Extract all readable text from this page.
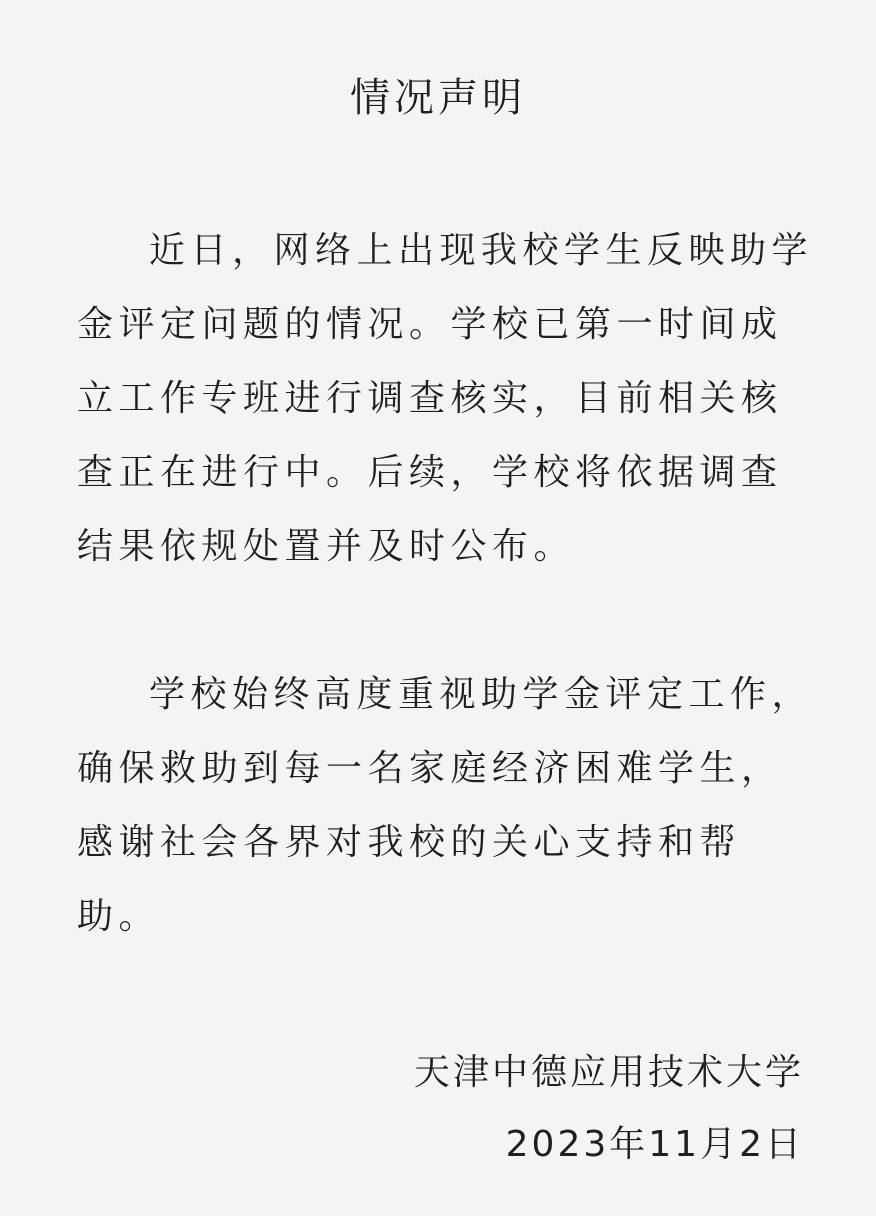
情况声明

近日，网络上出现我校学生反映助学

金评定问题的情况。学校已第一时间成

立工作专班进行调查核实，目前相关核

查正在进行中。后续，学校将依据调查

结果依规处置并及时公布。

学校始终高度重视助学金评定工作，

确保救助到每一名家庭经济困难学生，

感谢社会各界对我校的关心支持和帮

助。

天津中德应用技术大学

2023年11月2日
